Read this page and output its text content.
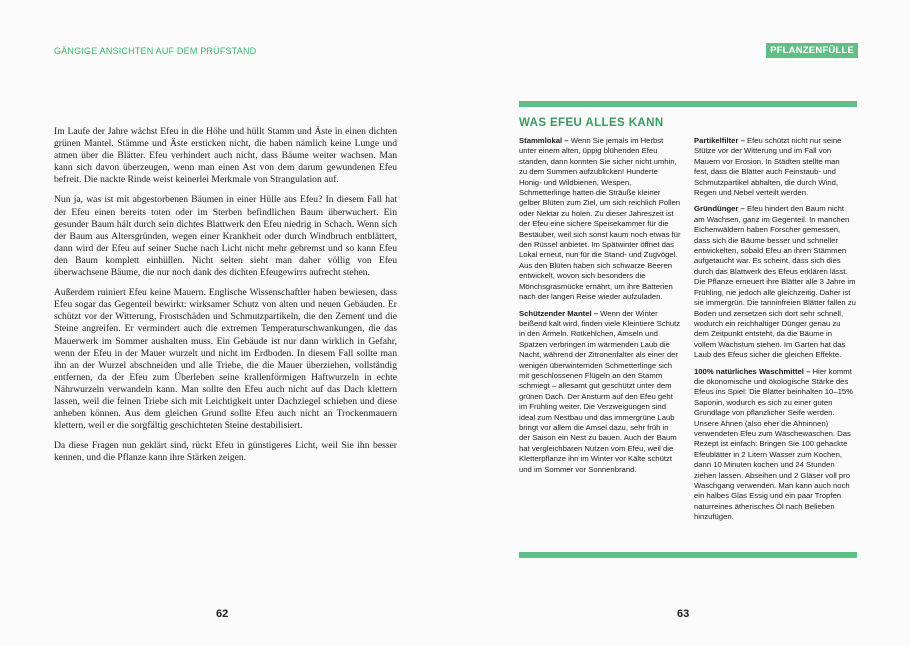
GÄNGIGE ANSICHTEN AUF DEM PRÜFSTAND

Im Laufe der Jahre wächst Efeu in die Höhe und hüllt Stamm und Äste in einen dichten grünen Mantel. Stämme und Äste ersticken nicht, die haben nämlich keine Lunge und atmen über die Blätter. Efeu verhindert auch nicht, dass Bäume weiter wachsen. Man kann sich davon überzeugen, wenn man einen Ast von dem darum gewundenen Efeu befreit. Die nackte Rinde weist keinerlei Merkmale von Strangulation auf.

Nun ja, was ist mit abgestorbenen Bäumen in einer Hülle aus Efeu? In diesem Fall hat der Efeu einen bereits toten oder im Sterben befindlichen Baum überwuchert. Ein gesunder Baum hält durch sein dichtes Blattwerk den Efeu niedrig in Schach. Wenn sich der Baum aus Altersgründen, wegen einer Krankheit oder durch Windbruch entblättert, dann wird der Efeu auf seiner Suche nach Licht nicht mehr gebremst und so kann Efeu den Baum komplett einhüllen. Nicht selten sieht man daher völlig von Efeu überwachsene Bäume, die nur noch dank des dichten Efeugewirrs aufrecht stehen.

Außerdem ruiniert Efeu keine Mauern. Englische Wissenschaftler haben bewiesen, dass Efeu sogar das Gegenteil bewirkt: wirksamer Schutz von alten und neuen Gebäuden. Er schützt vor der Witterung, Frostschäden und Schmutzpartikeln, die den Zement und die Steine angreifen. Er vermindert auch die extremen Temperaturschwankungen, die das Mauerwerk im Sommer aushalten muss. Ein Gebäude ist nur dann wirklich in Gefahr, wenn der Efeu in der Mauer wurzelt und nicht im Erdboden. In diesem Fall sollte man ihn an der Wurzel abschneiden und alle Triebe, die die Mauer überziehen, vollständig entfernen, da der Efeu zum Überleben seine krallenförmigen Haftwurzeln in echte Nährwurzeln verwandeln kann. Man sollte den Efeu auch nicht auf das Dach klettern lassen, weil die feinen Triebe sich mit Leichtigkeit unter Dachziegel schieben und diese anheben können. Aus dem gleichen Grund sollte Efeu auch nicht an Trockenmauern klettern, weil er die sorgfältig geschichteten Steine destabilisiert.

Da diese Fragen nun geklärt sind, rückt Efeu in günstigeres Licht, weil Sie ihn besser kennen, und die Pflanze kann ihre Stärken zeigen.

62
PFLANZENFÜLLE
WAS EFEU ALLES KANN

Stammlokal – Wenn Sie jemals im Herbst unter einem alten, üppig blühenden Efeu standen, dann konnten Sie sicher nicht umhin, zu dem Summen aufzublicken! Hunderte Honig- und Wildbienen, Wespen, Schmetterlinge hatten die Sträuße kleiner gelber Blüten zum Ziel, um sich reichlich Pollen oder Nektar zu holen. Zu dieser Jahreszeit ist der Efeu eine sichere Speisekammer für die Bestäuber, weil sich sonst kaum noch etwas für den Rüssel anbietet. Im Spätwinter öffnet das Lokal erneut, nun für die Stand- und Zugvögel. Aus den Blüten haben sich schwarze Beeren entwickelt, wovon sich besonders die Mönchsgrasmücke ernährt, um ihre Batterien nach der langen Reise wieder aufzuladen.

Schützender Mantel – Wenn der Winter beißend kalt wird, finden viele Kleintiere Schutz in den Ärmeln. Rotkehlchen, Amseln und Spatzen verbringen im wärmenden Laub die Nacht, während der Zitronenfalter als einer der wenigen überwinternden Schmetterlinge sich mit geschlossenen Flügeln an den Stamm schmiegt – allesamt gut geschützt unter dem grünen Dach. Der Ansturm auf den Efeu geht im Frühling weiter. Die Verzweigungen sind ideal zum Nestbau und das immergrüne Laub bringt vor allem die Amsel dazu, sehr früh in der Saison ein Nest zu bauen. Auch der Baum hat vergleichbaren Nutzen vom Efeu, weil die Kletterpflanze ihn im Winter vor Kälte schützt und im Sommer vor Sonnenbrand.

Partikelfilter – Efeu schützt nicht nur seine Stütze vor der Witterung und im Fall von Mauern vor Erosion. In Städten stellte man fest, dass die Blätter auch Feinstaub- und Schmutzpartikel abhalten, die durch Wind, Regen und Nebel verteilt werden.

Gründünger – Efeu hindert den Baum nicht am Wachsen, ganz im Gegenteil. In manchen Eichenwäldern haben Forscher gemessen, dass sich die Bäume besser und schneller entwickelten, sobald Efeu an ihren Stämmen aufgetaucht war. Es scheint, dass sich dies durch das Blattwerk des Efeus erklären lässt. Die Pflanze erneuert ihre Blätter alle 3 Jahre im Frühling, nie jedoch alle gleichzeitig. Daher ist sie immergrün. Die tanninfreien Blätter fallen zu Boden und zersetzen sich dort sehr schnell, wodurch ein reichhaltiger Dünger genau zu dem Zeitpunkt entsteht, da die Bäume in vollem Wachstum stehen. Im Garten hat das Laub des Efeus sicher die gleichen Effekte.

100% natürliches Waschmittel – Hier kommt die ökonomische und ökologische Stärke des Efeus ins Spiel: Die Blätter beinhalten 10–15% Saponin, wodurch es sich zu einer guten Grundlage von pflanzlicher Seife werden. Unsere Ahnen (also eher die Ahninnen) verwendeten Efeu zum Wäschewaschen. Das Rezept ist einfach: Bringen Sie 100 gehackte Efeublätter in 2 Litern Wasser zum Kochen, dann 10 Minuten kochen und 24 Stunden ziehen lassen. Abseihen und 2 Gläser voll pro Waschgang verwenden. Man kann auch noch ein halbes Glas Essig und ein paar Tropfen naturreines ätherisches Öl nach Belieben hinzufügen.

63
